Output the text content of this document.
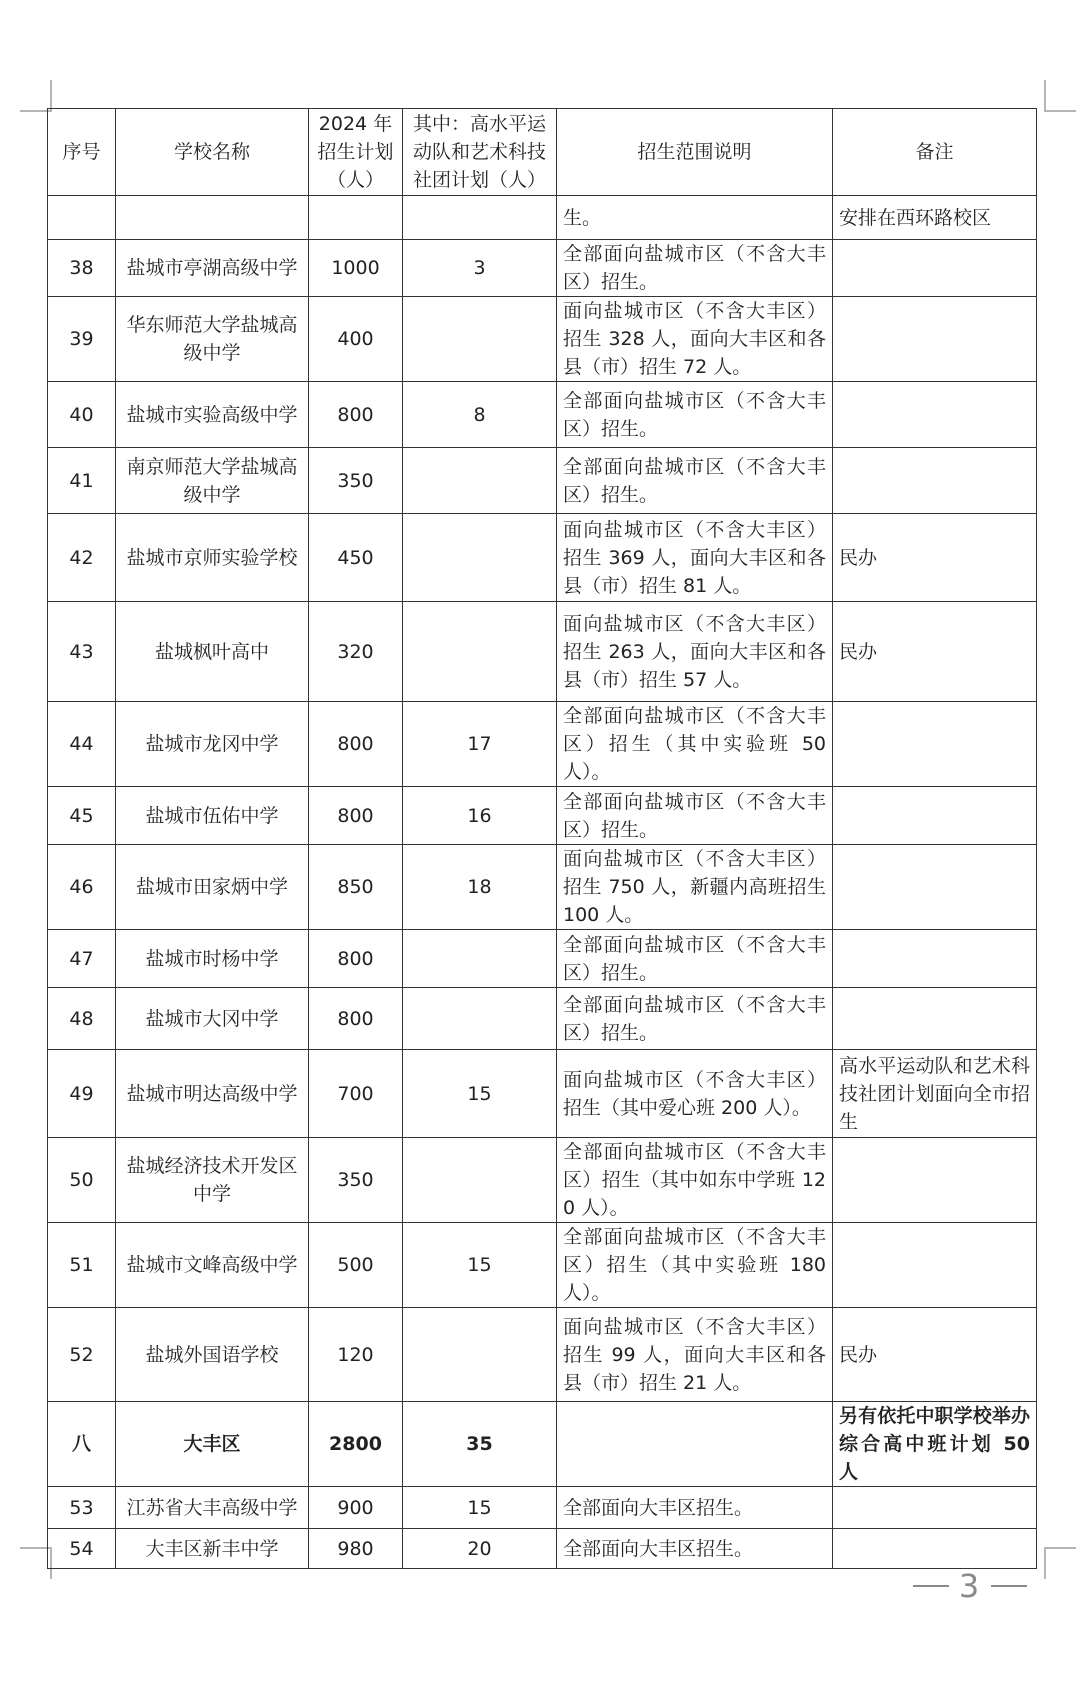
序号	学校名称	2024 年招生计划（人）	其中：高水平运动队和艺术科技社团计划（人）	招生范围说明	备注
				生。	安排在西环路校区
38	盐城市亭湖高级中学	1000	3	全部面向盐城市区（不含大丰区）招生。	
39	华东师范大学盐城高级中学	400		面向盐城市区（不含大丰区）招生 328 人，面向大丰区和各县（市）招生 72 人。	
40	盐城市实验高级中学	800	8	全部面向盐城市区（不含大丰区）招生。	
41	南京师范大学盐城高级中学	350		全部面向盐城市区（不含大丰区）招生。	
42	盐城市京师实验学校	450		面向盐城市区（不含大丰区）招生 369 人，面向大丰区和各县（市）招生 81 人。	民办
43	盐城枫叶高中	320		面向盐城市区（不含大丰区）招生 263 人，面向大丰区和各县（市）招生 57 人。	民办
44	盐城市龙冈中学	800	17	全部面向盐城市区（不含大丰区）招生（其中实验班 50 人）。	
45	盐城市伍佑中学	800	16	全部面向盐城市区（不含大丰区）招生。	
46	盐城市田家炳中学	850	18	面向盐城市区（不含大丰区）招生 750 人，新疆内高班招生 100 人。	
47	盐城市时杨中学	800		全部面向盐城市区（不含大丰区）招生。	
48	盐城市大冈中学	800		全部面向盐城市区（不含大丰区）招生。	
49	盐城市明达高级中学	700	15	面向盐城市区（不含大丰区）招生（其中爱心班 200 人）。	高水平运动队和艺术科技社团计划面向全市招生
50	盐城经济技术开发区中学	350		全部面向盐城市区（不含大丰区）招生（其中如东中学班 120 人）。	
51	盐城市文峰高级中学	500	15	全部面向盐城市区（不含大丰区）招生（其中实验班 180 人）。	
52	盐城外国语学校	120		面向盐城市区（不含大丰区）招生 99 人，面向大丰区和各县（市）招生 21 人。	民办
八	大丰区	2800	35		另有依托中职学校举办综合高中班计划 50 人
53	江苏省大丰高级中学	900	15	全部面向大丰区招生。	
54	大丰区新丰中学	980	20	全部面向大丰区招生。	
3
